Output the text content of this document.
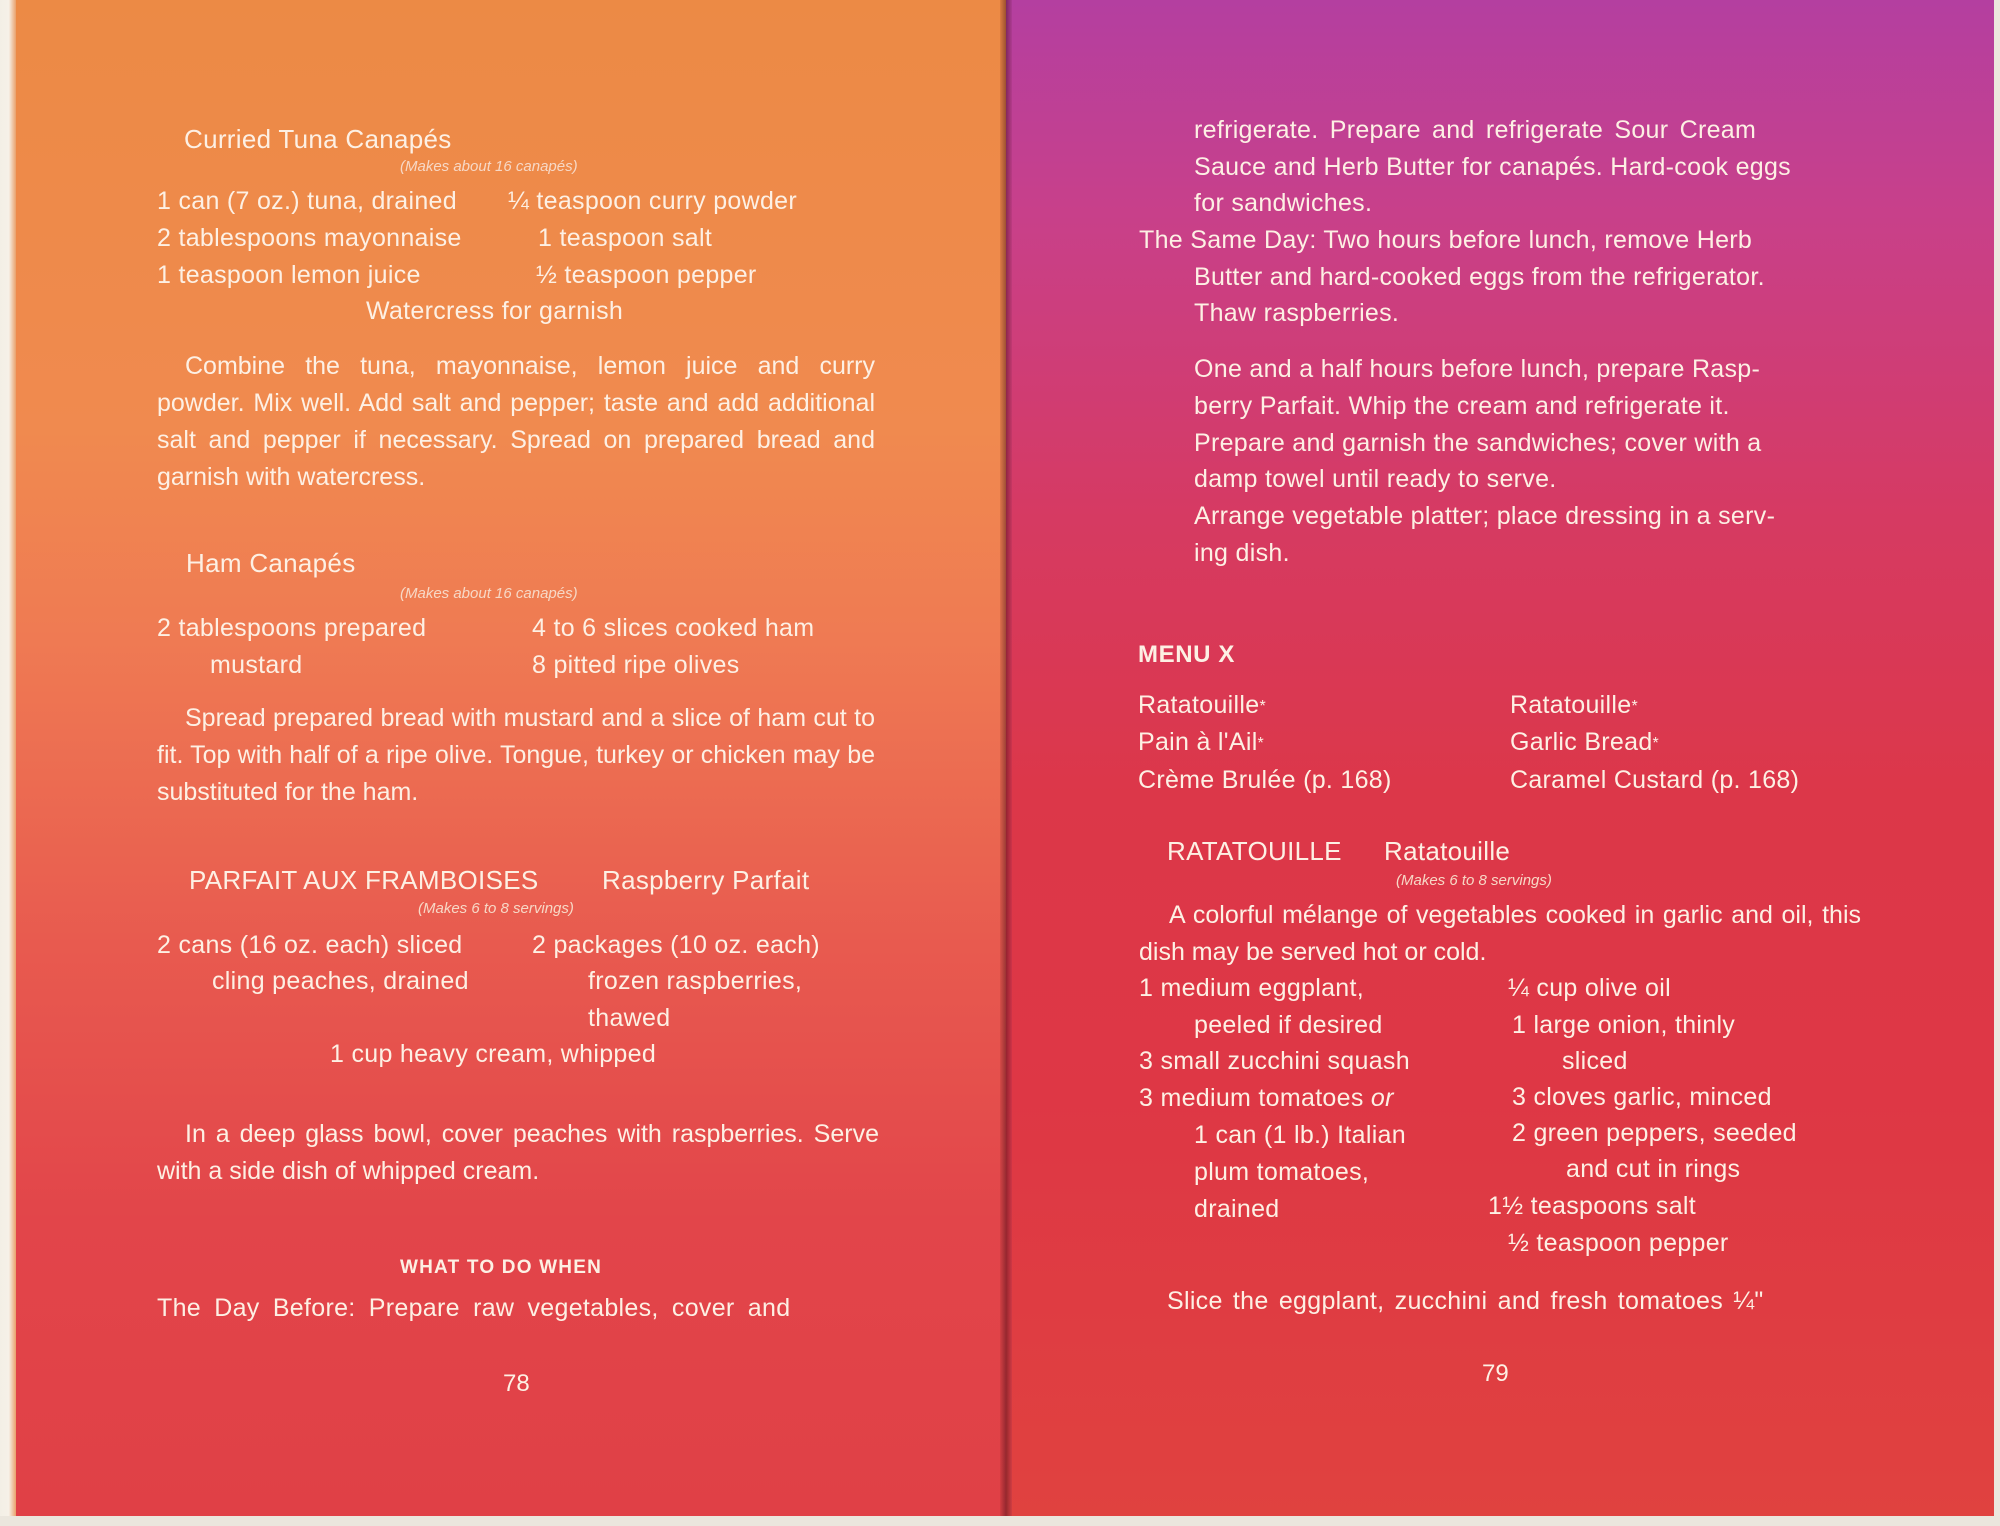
Curried Tuna Canapés
(Makes about 16 canapés)
1 can (7 oz.) tuna, drained
2 tablespoons mayonnaise
1 teaspoon lemon juice
¼ teaspoon curry powder
1 teaspoon salt
½ teaspoon pepper
Watercress for garnish
Combine the tuna, mayonnaise, lemon juice and curry powder. Mix well. Add salt and pepper; taste and add additional salt and pepper if necessary. Spread on prepared bread and garnish with watercress.
Ham Canapés
(Makes about 16 canapés)
2 tablespoons prepared
mustard
4 to 6 slices cooked ham
8 pitted ripe olives
Spread prepared bread with mustard and a slice of ham cut to fit. Top with half of a ripe olive. Tongue, turkey or chicken may be substituted for the ham.
PARFAIT AUX FRAMBOISES Raspberry Parfait
(Makes 6 to 8 servings)
2 cans (16 oz. each) sliced
cling peaches, drained
2 packages (10 oz. each)
frozen raspberries,
thawed
1 cup heavy cream, whipped
In a deep glass bowl, cover peaches with raspberries. Serve with a side dish of whipped cream.
WHAT TO DO WHEN
The Day Before: Prepare raw vegetables, cover and
78
refrigerate. Prepare and refrigerate Sour Cream
Sauce and Herb Butter for canapés. Hard-cook eggs
for sandwiches.
The Same Day: Two hours before lunch, remove Herb
Butter and hard-cooked eggs from the refrigerator.
Thaw raspberries.
One and a half hours before lunch, prepare Rasp-
berry Parfait. Whip the cream and refrigerate it.
Prepare and garnish the sandwiches; cover with a
damp towel until ready to serve.
Arrange vegetable platter; place dressing in a serv-
ing dish.
MENU X
Ratatouille*
Pain à l'Ail*
Crème Brulée (p. 168)
Ratatouille*
Garlic Bread*
Caramel Custard (p. 168)
RATATOUILLE Ratatouille
(Makes 6 to 8 servings)
A colorful mélange of vegetables cooked in garlic and oil, this dish may be served hot or cold.
1 medium eggplant,
peeled if desired
3 small zucchini squash
3 medium tomatoes or
1 can (1 lb.) Italian
plum tomatoes,
drained
¼ cup olive oil
1 large onion, thinly
sliced
3 cloves garlic, minced
2 green peppers, seeded
and cut in rings
1½ teaspoons salt
½ teaspoon pepper
Slice the eggplant, zucchini and fresh tomatoes ¼"
79
